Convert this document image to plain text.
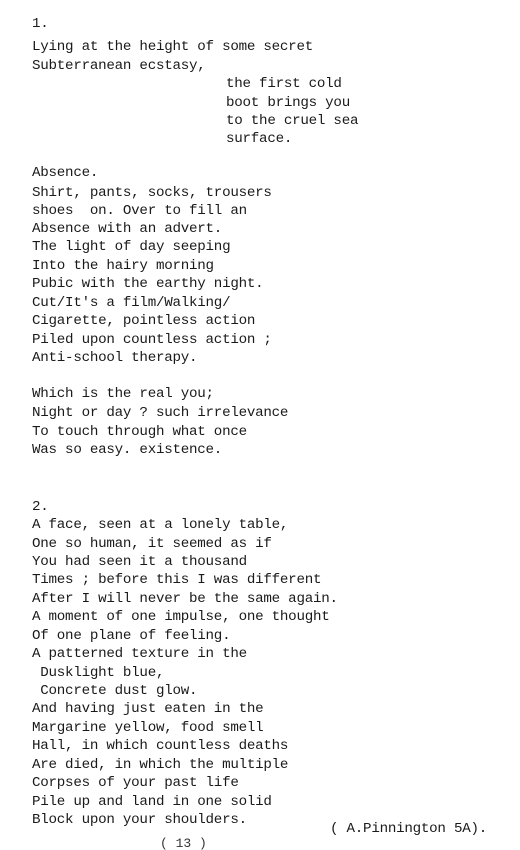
1.
Lying at the height of some secret
Subterranean ecstasy,
the first cold
boot brings you
to the cruel sea
surface.
Absence.
Shirt, pants, socks, trousers
shoes  on. Over to fill an
Absence with an advert.
The light of day seeping
Into the hairy morning
Pubic with the earthy night.
Cut/It's a film/Walking/
Cigarette, pointless action
Piled upon countless action ;
Anti-school therapy.
Which is the real you;
Night or day ? such irrelevance
To touch through what once
Was so easy. existence.
2.
A face, seen at a lonely table,
One so human, it seemed as if
You had seen it a thousand
Times ; before this I was different
After I will never be the same again.
A moment of one impulse, one thought
Of one plane of feeling.
A patterned texture in the
Dusklight blue,
Concrete dust glow.
And having just eaten in the
Margarine yellow, food smell
Hall, in which countless deaths
Are died, in which the multiple
Corpses of your past life
Pile up and land in one solid
Block upon your shoulders.
( A.Pinnington 5A).
( 13 )
